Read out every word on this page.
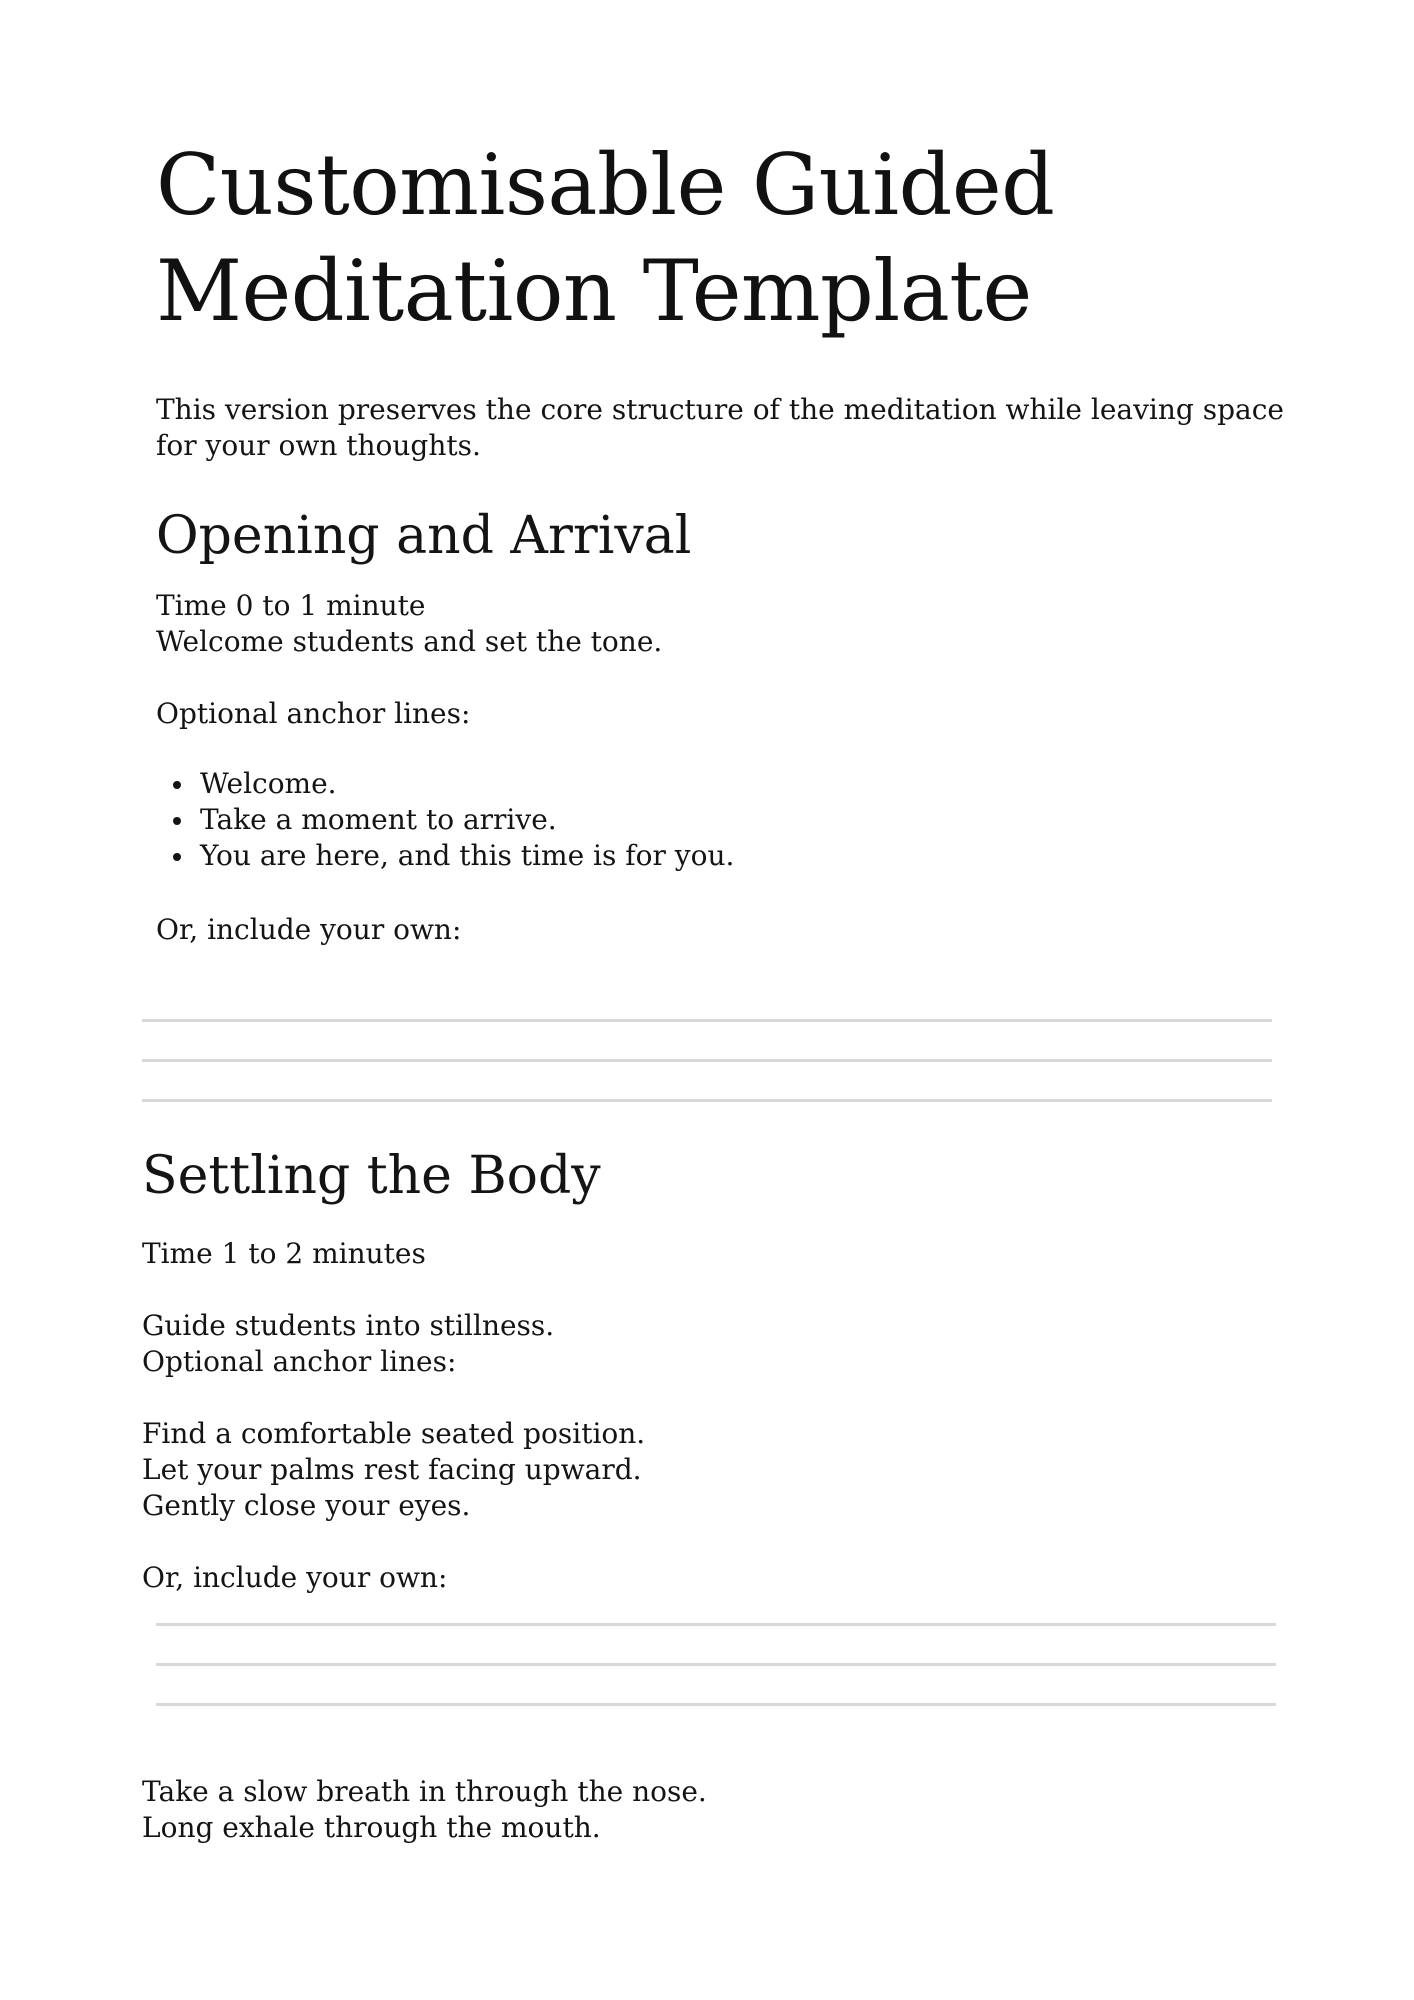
Customisable Guided
Meditation Template

This version preserves the core structure of the meditation while leaving space
for your own thoughts.

Opening and Arrival

Time 0 to 1 minute

Welcome students and set the tone.

Optional anchor lines:

Welcome.
Take a moment to arrive.
You are here, and this time is for you.

Or, include your own:

Settling the Body

Time 1 to 2 minutes

Guide students into stillness.

Optional anchor lines:

Find a comfortable seated position.

Let your palms rest facing upward.

Gently close your eyes.

Or, include your own:

Take a slow breath in through the nose.

Long exhale through the mouth.
